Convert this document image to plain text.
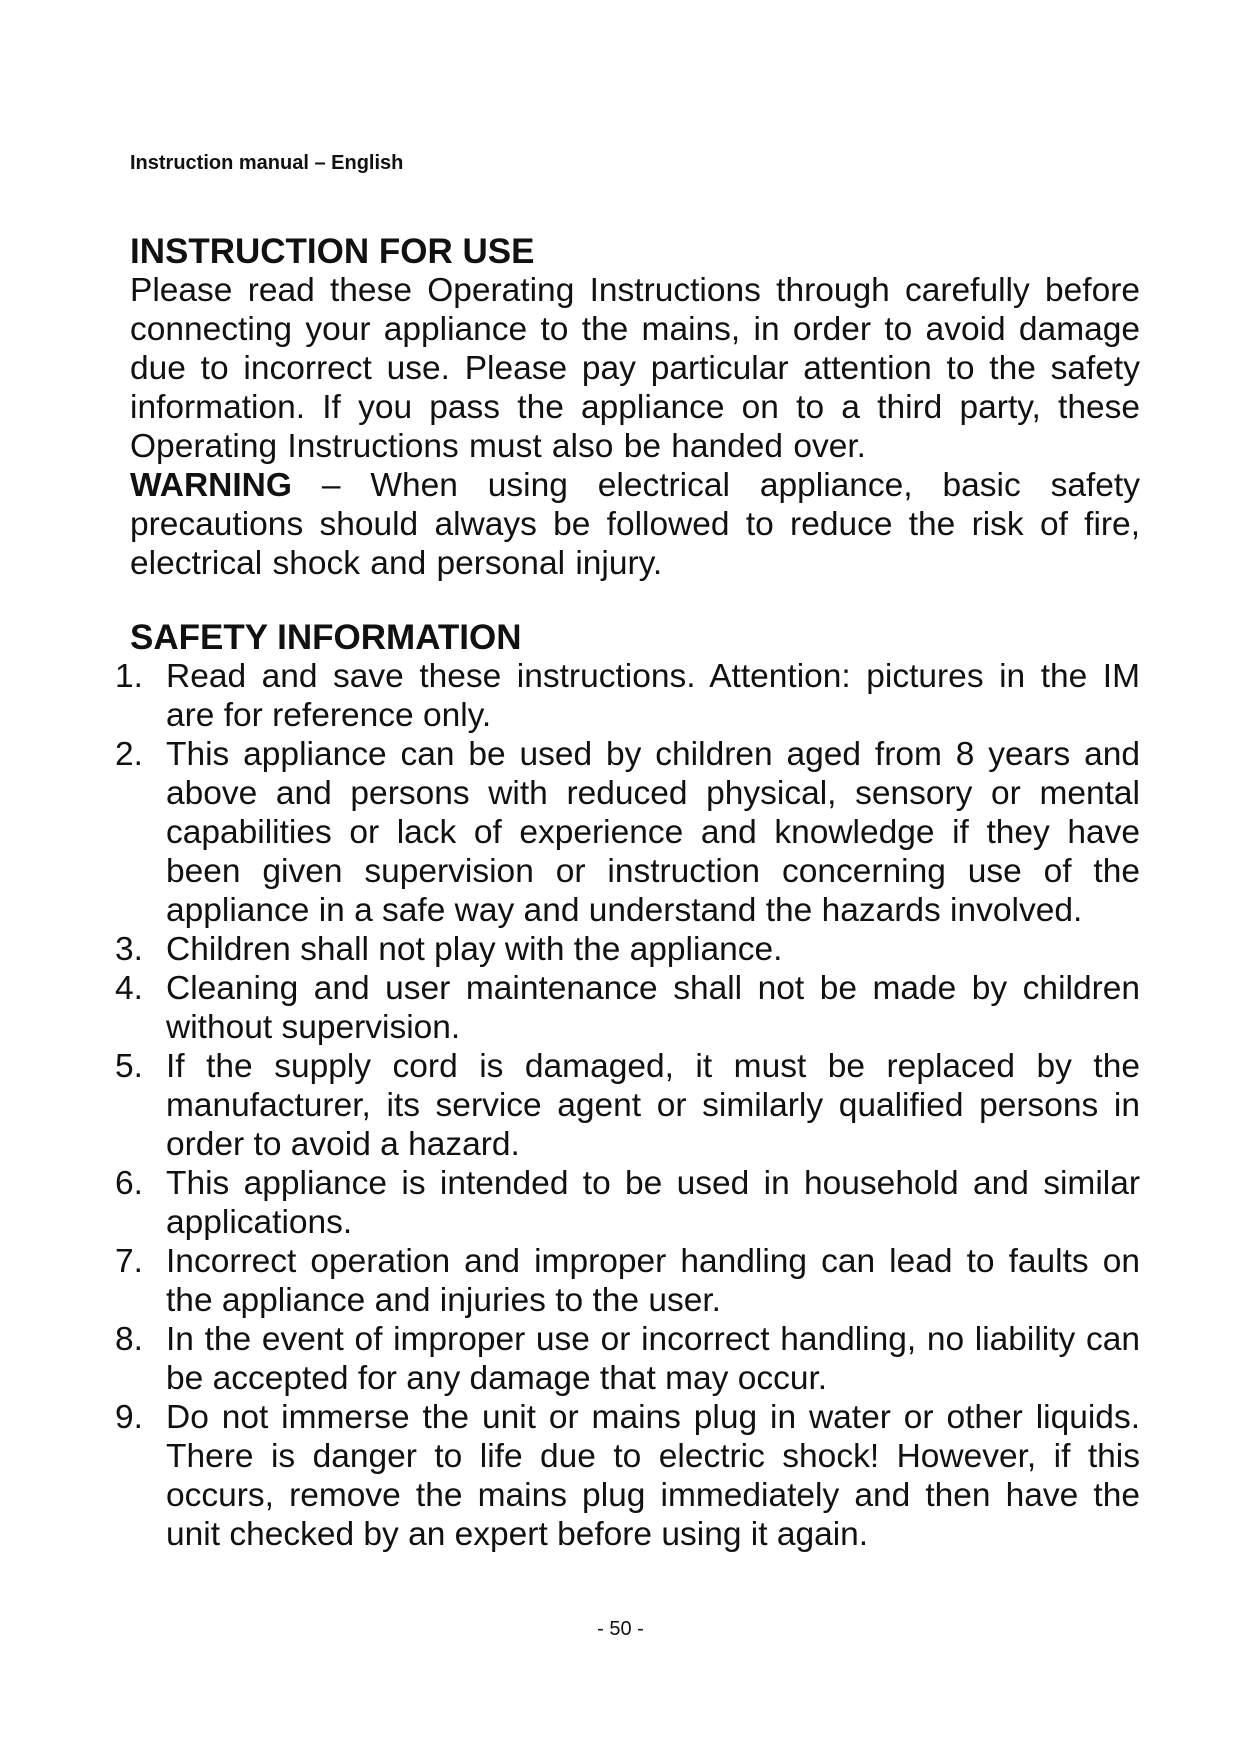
Instruction manual – English
INSTRUCTION FOR USE

Please read these Operating Instructions through carefully before connecting your appliance to the mains, in order to avoid damage due to incorrect use. Please pay particular attention to the safety information. If you pass the appliance on to a third party, these Operating Instructions must also be handed over.

WARNING – When using electrical appliance, basic safety precautions should always be followed to reduce the risk of fire, electrical shock and personal injury.

SAFETY INFORMATION
1. Read and save these instructions. Attention: pictures in the IM are for reference only.
2. This appliance can be used by children aged from 8 years and above and persons with reduced physical, sensory or mental capabilities or lack of experience and knowledge if they have been given supervision or instruction concerning use of the appliance in a safe way and understand the hazards involved.
3. Children shall not play with the appliance.
4. Cleaning and user maintenance shall not be made by children without supervision.
5. If the supply cord is damaged, it must be replaced by the manufacturer, its service agent or similarly qualified persons in order to avoid a hazard.
6. This appliance is intended to be used in household and similar applications.
7. Incorrect operation and improper handling can lead to faults on the appliance and injuries to the user.
8. In the event of improper use or incorrect handling, no liability can be accepted for any damage that may occur.
9. Do not immerse the unit or mains plug in water or other liquids. There is danger to life due to electric shock! However, if this occurs, remove the mains plug immediately and then have the unit checked by an expert before using it again.
- 50 -
